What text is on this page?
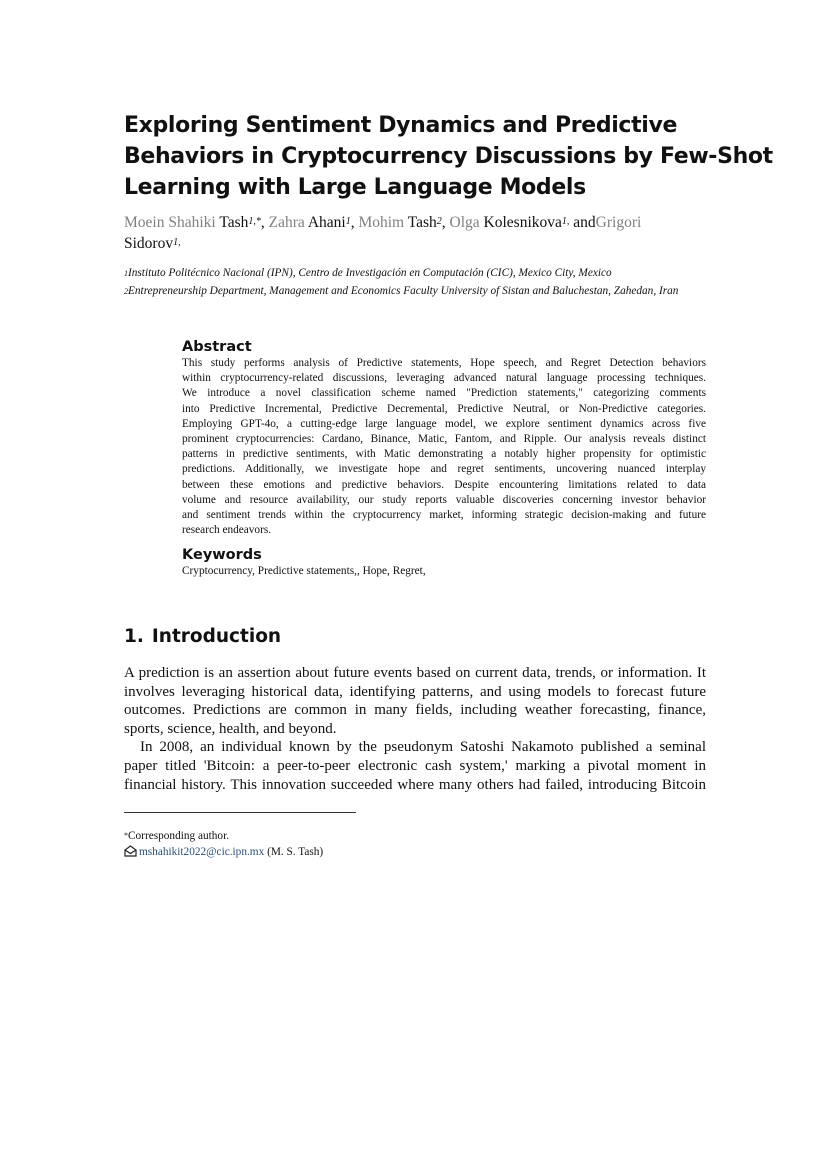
Exploring Sentiment Dynamics and Predictive
Behaviors in Cryptocurrency Discussions by Few-Shot
Learning with Large Language Models
Moein Shahiki Tash$^{1,*}$, Zahra Ahani$^1$, Mohim Tash$^2$, Olga Kolesnikova$^{1,}$ andGrigori
Sidorov$^{1,}$

$^1$Instituto Politécnico Nacional (IPN), Centro de Investigación en Computación (CIC), Mexico City, Mexico

$^2$Entrepreneurship Department, Management and Economics Faculty University of Sistan and Baluchestan, Zahedan, Iran

Abstract

This study performs analysis of Predictive statements, Hope speech, and Regret Detection behaviors
within cryptocurrency-related discussions, leveraging advanced natural language processing techniques.
We introduce a novel classification scheme named "Prediction statements," categorizing comments
into Predictive Incremental, Predictive Decremental, Predictive Neutral, or Non-Predictive categories.
Employing GPT-4o, a cutting-edge large language model, we explore sentiment dynamics across five
prominent cryptocurrencies: Cardano, Binance, Matic, Fantom, and Ripple. Our analysis reveals distinct
patterns in predictive sentiments, with Matic demonstrating a notably higher propensity for optimistic
predictions. Additionally, we investigate hope and regret sentiments, uncovering nuanced interplay
between these emotions and predictive behaviors. Despite encountering limitations related to data
volume and resource availability, our study reports valuable discoveries concerning investor behavior
and sentiment trends within the cryptocurrency market, informing strategic decision-making and future
research endeavors.

Keywords

Cryptocurrency, Predictive statements,, Hope, Regret,

1. Introduction
A prediction is an assertion about future events based on current data, trends, or information. It
involves leveraging historical data, identifying patterns, and using models to forecast future
outcomes. Predictions are common in many fields, including weather forecasting, finance,
sports, science, health, and beyond.
In 2008, an individual known by the pseudonym Satoshi Nakamoto published a seminal
paper titled 'Bitcoin: a peer-to-peer electronic cash system,' marking a pivotal moment in
financial history. This innovation succeeded where many others had failed, introducing Bitcoin
*Corresponding author.
mshahikit2022@cic.ipn.mx (M. S. Tash)
